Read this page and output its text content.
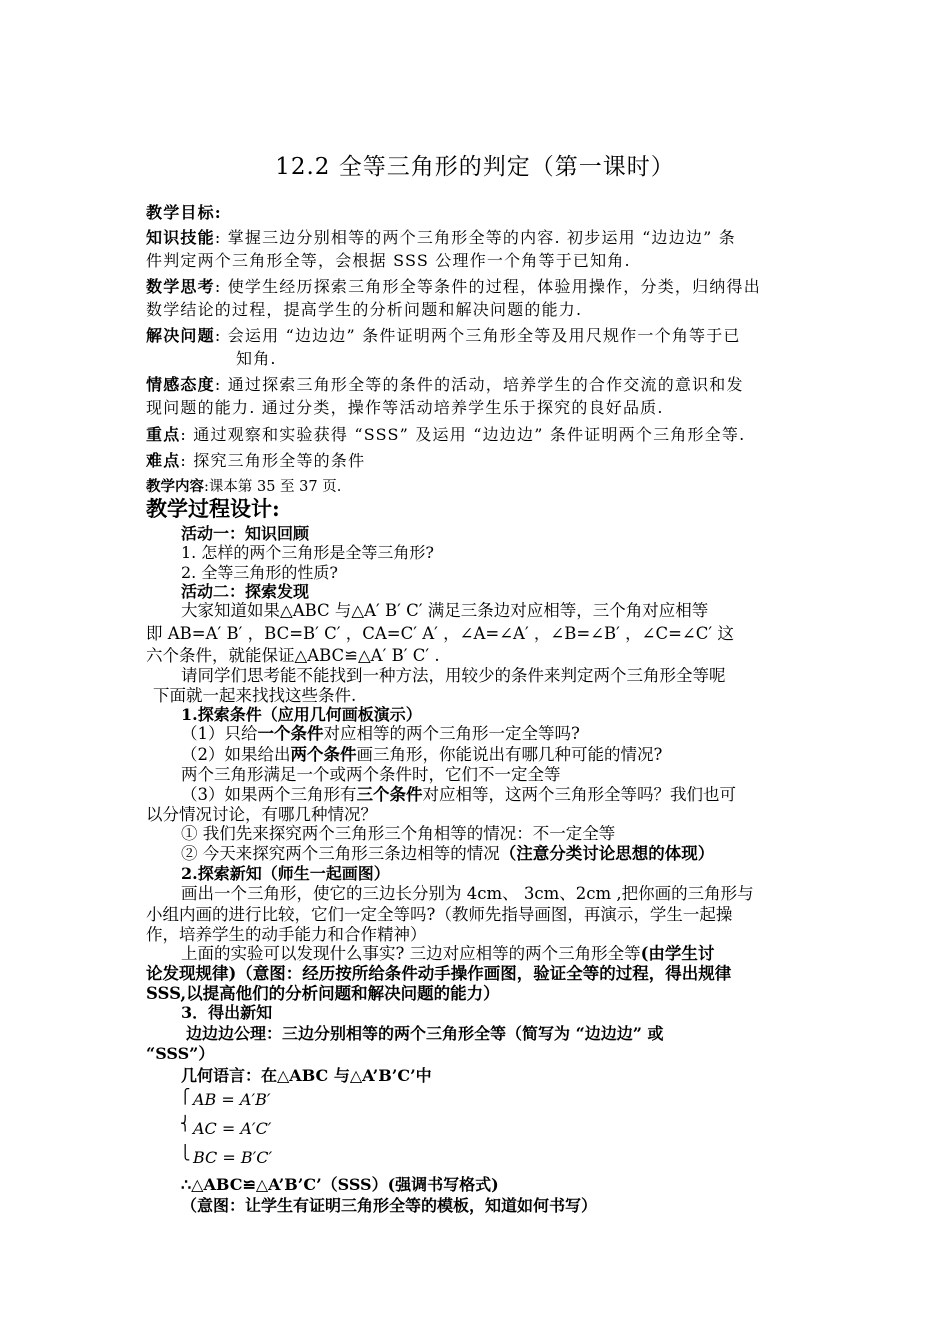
12.2 全等三角形的判定（第一课时）
教学目标:
知识技能: 掌握三边分别相等的两个三角形全等的内容. 初步运用 “边边边” 条
件判定两个三角形全等，会根据 SSS 公理作一个角等于已知角.
数学思考: 使学生经历探索三角形全等条件的过程，体验用操作，分类，归纳得出
数学结论的过程，提高学生的分析问题和解决问题的能力.
解决问题: 会运用 “边边边” 条件证明两个三角形全等及用尺规作一个角等于已
知角.
情感态度: 通过探索三角形全等的条件的活动，培养学生的合作交流的意识和发
现问题的能力. 通过分类，操作等活动培养学生乐于探究的良好品质.
重点: 通过观察和实验获得 “SSS” 及运用 “边边边” 条件证明两个三角形全等.
难点: 探究三角形全等的条件
教学内容:课本第 35 至 37 页.
教学过程设计:
活动一：知识回顾
1. 怎样的两个三角形是全等三角形?
2. 全等三角形的性质?
活动二：探索发现
大家知道如果△ABC 与△A′ B′ C′ 满足三条边对应相等，三个角对应相等
即 AB=A′ B′ ，BC=B′ C′ ，CA=C′ A′ ，∠A=∠A′ ，∠B=∠B′ ，∠C=∠C′ 这
六个条件，就能保证△ABC≌△A′ B′ C′ .
请同学们思考能不能找到一种方法，用较少的条件来判定两个三角形全等呢
下面就一起来找找这些条件.
1.探索条件（应用几何画板演示）
（1）只给一个条件对应相等的两个三角形一定全等吗?
（2）如果给出两个条件画三角形，你能说出有哪几种可能的情况?
两个三角形满足一个或两个条件时，它们不一定全等
（3）如果两个三角形有三个条件对应相等，这两个三角形全等吗？我们也可
以分情况讨论，有哪几种情况？
① 我们先来探究两个三角形三个角相等的情况：不一定全等
② 今天来探究两个三角形三条边相等的情况（注意分类讨论思想的体现）
2.探索新知（师生一起画图）
画出一个三角形，使它的三边长分别为 4cm、 3cm、2cm ,把你画的三角形与
小组内画的进行比较，它们一定全等吗?（教师先指导画图，再演示，学生一起操
作，培养学生的动手能力和合作精神）
上面的实验可以发现什么事实? 三边对应相等的两个三角形全等(由学生讨
论发现规律)（意图：经历按所给条件动手操作画图，验证全等的过程，得出规律
SSS,以提高他们的分析问题和解决问题的能力）
3．得出新知
边边边公理：三边分别相等的两个三角形全等（简写为 “边边边” 或
“SSS”）
几何语言：在△ABC 与△A’B’C’中
⎧
⎨
⎩
AB = A′B′
AC = A′C′
BC = B′C′
∴△ABC≌△A’B’C’（SSS）(强调书写格式)
（意图：让学生有证明三角形全等的模板，知道如何书写）
